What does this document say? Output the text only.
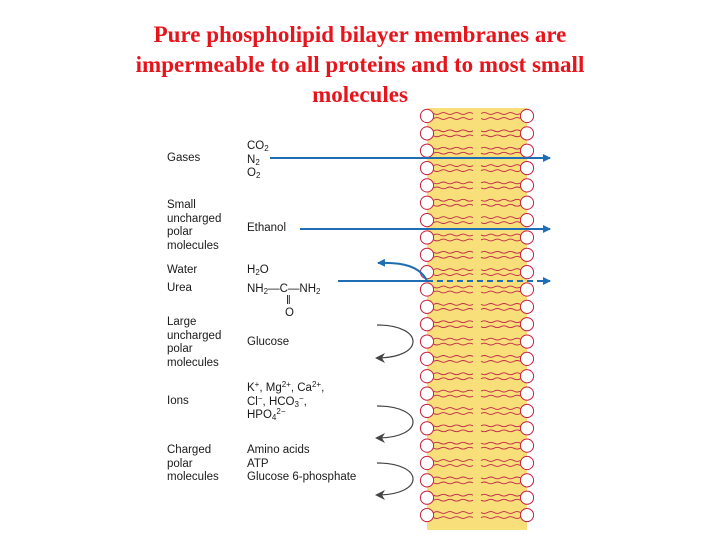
Pure phospholipid bilayer membranes are
impermeable to all proteins and to most small
molecules
Gases
Small
uncharged
polar
molecules
Water
Urea
Large
uncharged
polar
molecules
Ions
Charged
polar
molecules
$CO_2$
$N_2$
$O_2$
Ethanol
$H_2O$
$NH_2—C—NH_2$
‖
O
Glucose
K+, $Mg^{2+}$, $Ca^{2+}$,
Cl−, $HCO_3^-$,
$HPO_4^{2-}$
Amino acids
ATP
Glucose 6-phosphate
